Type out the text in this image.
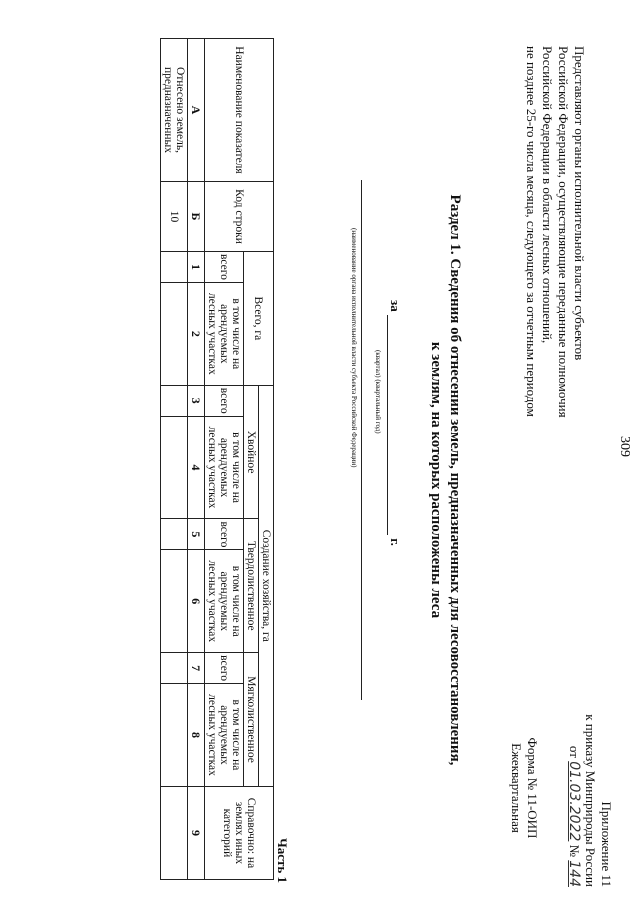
309
Приложение 11
к приказу Минприроды России
от 01.03.2022 № 144
Форма № 11-ОИП
Ежеквартальная
Представляют органы исполнительной власти субъектов
Российской Федерации, осуществляющие переданные полномочия
Российской Федерации в области лесных отношений,
не позднее 25-го числа месяца, следующего за отчетным периодом
Раздел 1. Сведения об отнесении земель, предназначенных для лесовосстановления,
к землям, на которых расположены леса
за  г.
(квартал) (квартальный год)
(наименование органа исполнительной власти субъекта Российской Федерации)
Часть 1
Наименование показателя	Код строки	Всего, га		Создание хозяйства, га						Справочно: на землях иных категорий
				Хвойное		Твердолиственное		Мягколиственное		

		всего	в том числе на арендуемых лесных участках	всего	в том числе на арендуемых лесных участках	всего	в том числе на арендуемых лесных участках	всего	в том числе на арендуемых лесных участках	
А	Б	1	2	3	4	5	6	7	8	9
Отнесено земель, предназначенных	10									
